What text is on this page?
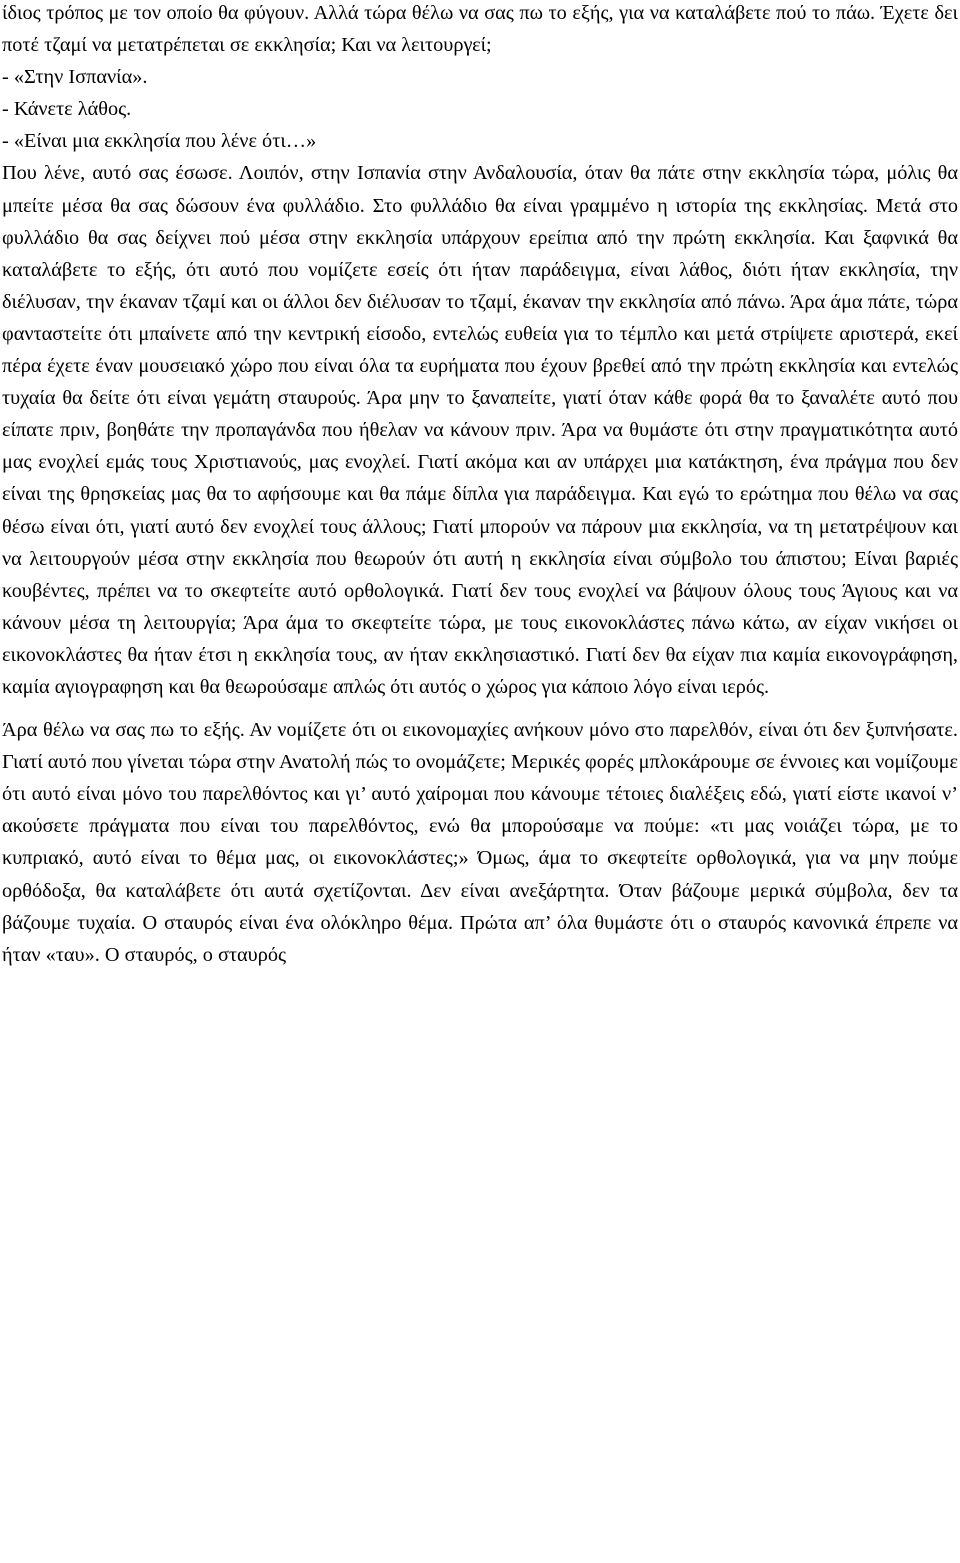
ίδιος τρόπος με τον οποίο θα φύγουν. Αλλά τώρα θέλω να σας πω το εξής, για να καταλάβετε πού το πάω. Έχετε δει ποτέ τζαμί να μετατρέπεται σε εκκλησία; Και να λειτουργεί;

- «Στην Ισπανία».

- Κάνετε λάθος.

- «Είναι μια εκκλησία που λένε ότι…»

Που λένε, αυτό σας έσωσε. Λοιπόν, στην Ισπανία στην Ανδαλουσία, όταν θα πάτε στην εκκλησία τώρα, μόλις θα μπείτε μέσα θα σας δώσουν ένα φυλλάδιο. Στο φυλλάδιο θα είναι γραμμένο η ιστορία της εκκλησίας. Μετά στο φυλλάδιο θα σας δείχνει πού μέσα στην εκκλησία υπάρχουν ερείπια από την πρώτη εκκλησία. Και ξαφνικά θα καταλάβετε το εξής, ότι αυτό που νομίζετε εσείς ότι ήταν παράδειγμα, είναι λάθος, διότι ήταν εκκλησία, την διέλυσαν, την έκαναν τζαμί και οι άλλοι δεν διέλυσαν το τζαμί, έκαναν την εκκλησία από πάνω. Άρα άμα πάτε, τώρα φανταστείτε ότι μπαίνετε από την κεντρική είσοδο, εντελώς ευθεία για το τέμπλο και μετά στρίψετε αριστερά, εκεί πέρα έχετε έναν μουσειακό χώρο που είναι όλα τα ευρήματα που έχουν βρεθεί από την πρώτη εκκλησία και εντελώς τυχαία θα δείτε ότι είναι γεμάτη σταυρούς. Άρα μην το ξαναπείτε, γιατί όταν κάθε φορά θα το ξαναλέτε αυτό που είπατε πριν, βοηθάτε την προπαγάνδα που ήθελαν να κάνουν πριν. Άρα να θυμάστε ότι στην πραγματικότητα αυτό μας ενοχλεί εμάς τους Χριστιανούς, μας ενοχλεί. Γιατί ακόμα και αν υπάρχει μια κατάκτηση, ένα πράγμα που δεν είναι της θρησκείας μας θα το αφήσουμε και θα πάμε δίπλα για παράδειγμα. Και εγώ το ερώτημα που θέλω να σας θέσω είναι ότι, γιατί αυτό δεν ενοχλεί τους άλλους; Γιατί μπορούν να πάρουν μια εκκλησία, να τη μετατρέψουν και να λειτουργούν μέσα στην εκκλησία που θεωρούν ότι αυτή η εκκλησία είναι σύμβολο του άπιστου; Είναι βαριές κουβέντες, πρέπει να το σκεφτείτε αυτό ορθολογικά. Γιατί δεν τους ενοχλεί να βάψουν όλους τους Άγιους και να κάνουν μέσα τη λειτουργία; Άρα άμα το σκεφτείτε τώρα, με τους εικονοκλάστες πάνω κάτω, αν είχαν νικήσει οι εικονοκλάστες θα ήταν έτσι η εκκλησία τους, αν ήταν εκκλησιαστικό. Γιατί δεν θα είχαν πια καμία εικονογράφηση, καμία αγιογραφηση και θα θεωρούσαμε απλώς ότι αυτός ο χώρος για κάποιο λόγο είναι ιερός.

Άρα θέλω να σας πω το εξής. Αν νομίζετε ότι οι εικονομαχίες ανήκουν μόνο στο παρελθόν, είναι ότι δεν ξυπνήσατε. Γιατί αυτό που γίνεται τώρα στην Ανατολή πώς το ονομάζετε; Μερικές φορές μπλοκάρουμε σε έννοιες και νομίζουμε ότι αυτό είναι μόνο του παρελθόντος και γι’ αυτό χαίρομαι που κάνουμε τέτοιες διαλέξεις εδώ, γιατί είστε ικανοί ν’ ακούσετε πράγματα που είναι του παρελθόντος, ενώ θα μπορούσαμε να πούμε: «τι μας νοιάζει τώρα, με το κυπριακό, αυτό είναι το θέμα μας, οι εικονοκλάστες;» Όμως, άμα το σκεφτείτε ορθολογικά, για να μην πούμε ορθόδοξα, θα καταλάβετε ότι αυτά σχετίζονται. Δεν είναι ανεξάρτητα. Όταν βάζουμε μερικά σύμβολα, δεν τα βάζουμε τυχαία. Ο σταυρός είναι ένα ολόκληρο θέμα. Πρώτα απ’ όλα θυμάστε ότι ο σταυρός κανονικά έπρεπε να ήταν «ταυ». Ο σταυρός, ο σταυρός
